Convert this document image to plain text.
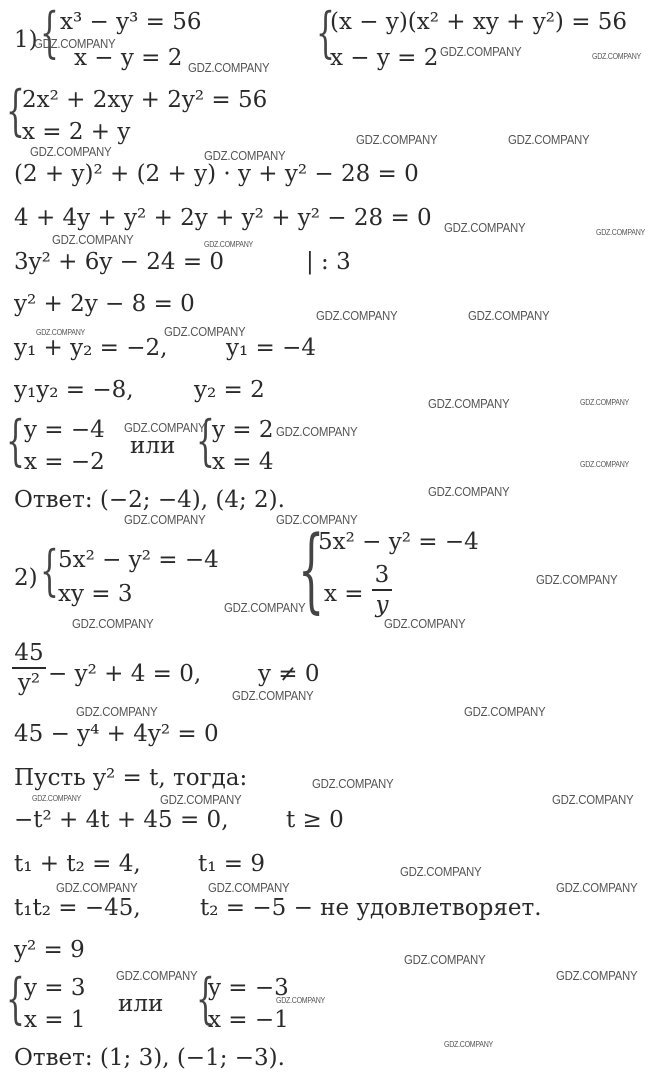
1) { x³ − y³ = 56
x − y = 2 {
(x − y)(x² + xy + y²) = 56
x − y = 2
{
2x² + 2xy + 2y² = 56
x = 2 + y
(2 + y)² + (2 + y) · y + y² − 28 = 0
4 + 4y + y² + 2y + y² + y² − 28 = 0
3y² + 6y − 24 = 0	| : 3
y² + 2y − 8 = 0
y₁ + y₂ = −2,	y₁ = −4
y₁y₂ = −8,	y₂ = 2
{ y = −4
x = −2
или {
y = 2
x = 4
Ответ: (−2; −4), (4; 2).
2) { 5x² − y² = −4
xy = 3 {
5x² − y² = −4
x =
3
y
45
y² − y² + 4 = 0, y ≠ 0
45 − y⁴ + 4y² = 0
Пусть y² = t, тогда:
−t² + 4t + 45 = 0, t ≥ 0
t₁ + t₂ = 4, t₁ = 9
t₁t₂ = −45,	t₂ = −5 − не удовлетворяет.
y² = 9
{ y = 3
x = 1
или {
y = −3
x = −1
Ответ: (1; 3), (−1; −3).
GDZ.COMPANY
GDZ.COMPANY
GDZ.COMPANY	GDZ.COMPANY
GDZ.COMPANY	GDZ.COMPANY
GDZ.COMPANY	GDZ.COMPANY
GDZ.COMPANY	GDZ.COMPANY
GDZ.COMPANY	GDZ.COMPANY
GDZ.COMPANY	GDZ.COMPANY
GDZ.COMPANY	GDZ.COMPANY
GDZ.COMPANY	GDZ.COMPANY
GDZ.COMPANY	GDZ.COMPANY
GDZ.COMPANY
GDZ.COMPANY
GDZ.COMPANY	GDZ.COMPANY
GDZ.COMPANY
GDZ.COMPANY
GDZ.COMPANY	GDZ.COMPANY
GDZ.COMPANY
GDZ.COMPANY	GDZ.COMPANY
GDZ.COMPANY
GDZ.COMPANY	GDZ.COMPANY	GDZ.COMPANY
GDZ.COMPANY
GDZ.COMPANY	GDZ.COMPANY	GDZ.COMPANY
GDZ.COMPANY
GDZ.COMPANY	GDZ.COMPANY
GDZ.COMPANY
GDZ.COMPANY
